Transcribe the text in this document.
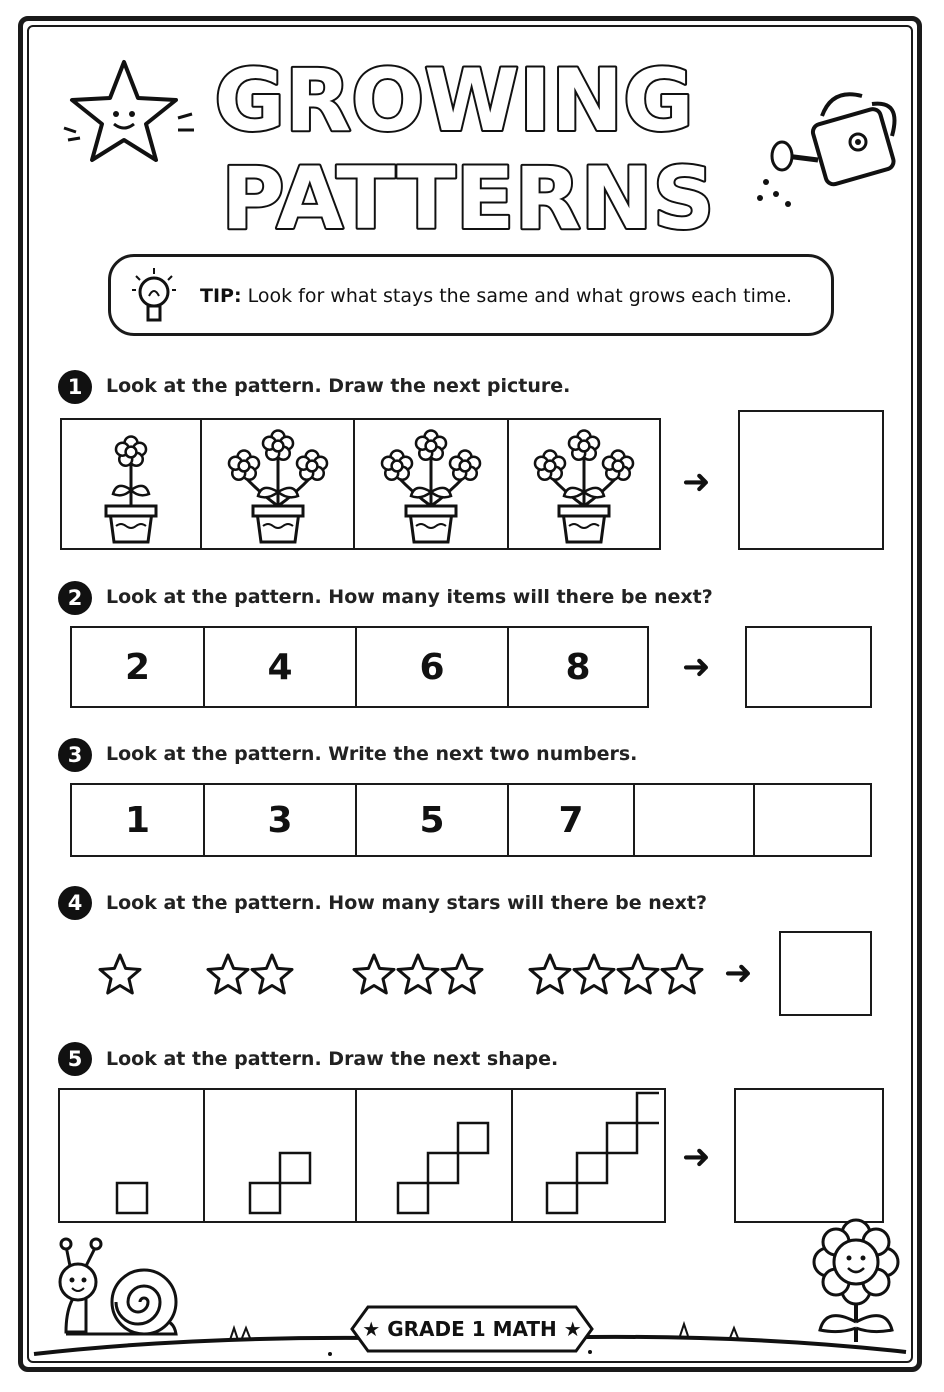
GROWING
PATTERNS
TIP: Look for what stays the same and what grows each time.
1	Look at the pattern. Draw the next picture.
➜
2	Look at the pattern. How many items will there be next?
2	4	6	8	➜
3	Look at the pattern. Write the next two numbers.
1	3	5	7
4	Look at the pattern. How many stars will there be next?
➜
5	Look at the pattern. Draw the next shape.
➜
★
GRADE 1 MATH
★
